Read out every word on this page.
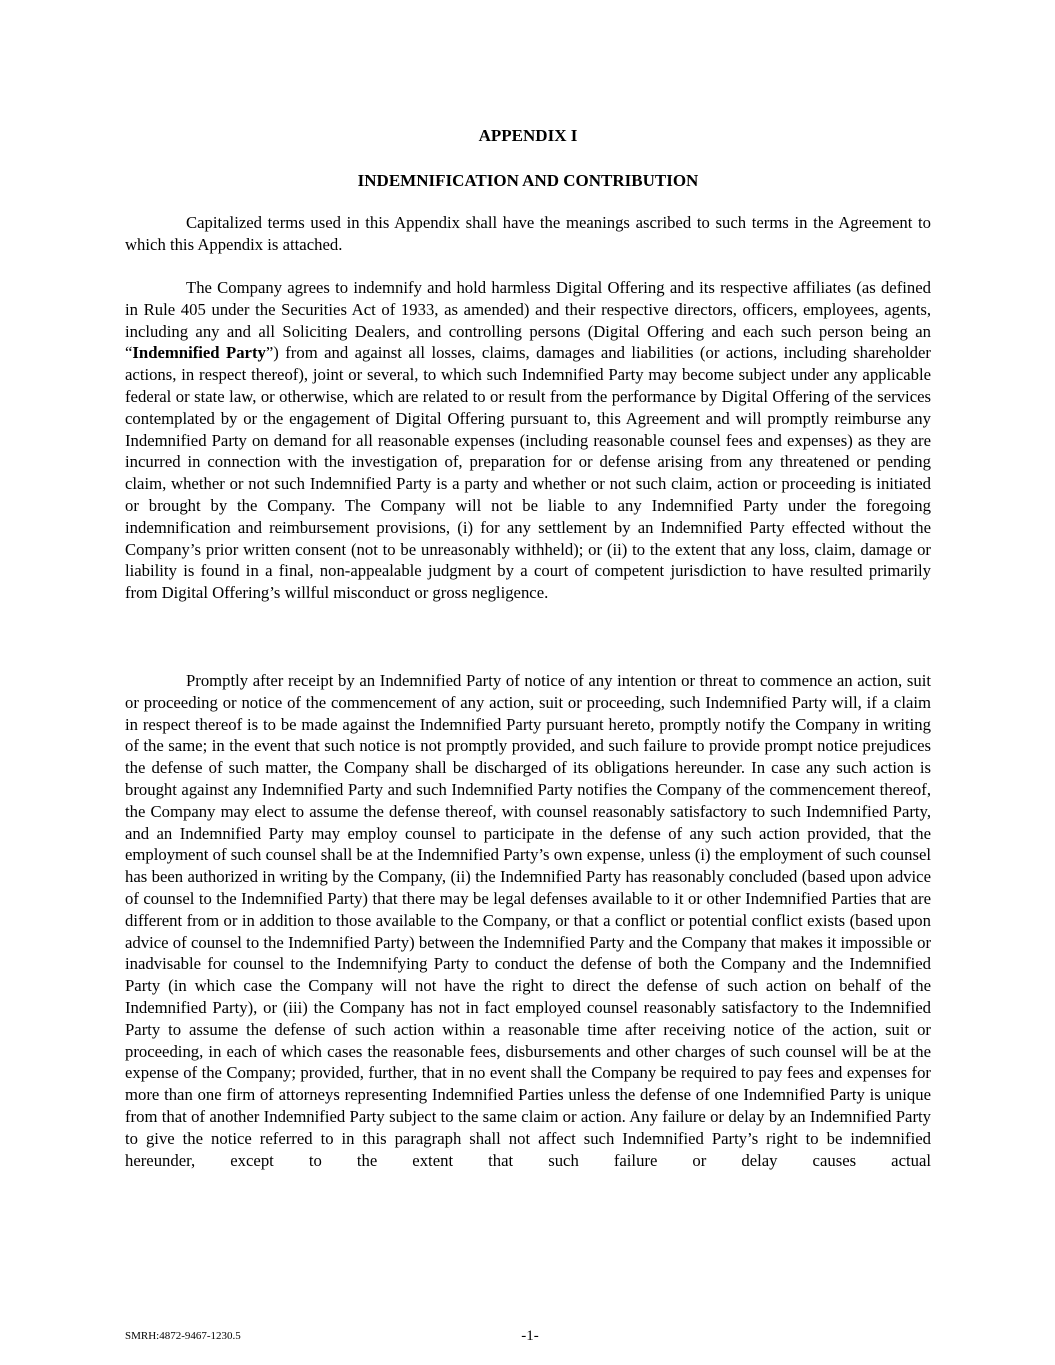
APPENDIX I
INDEMNIFICATION AND CONTRIBUTION

Capitalized terms used in this Appendix shall have the meanings ascribed to such terms in the Agreement to which this Appendix is attached.

The Company agrees to indemnify and hold harmless Digital Offering and its respective affiliates (as defined in Rule 405 under the Securities Act of 1933, as amended) and their respective directors, officers, employees, agents, including any and all Soliciting Dealers, and controlling persons (Digital Offering and each such person being an “Indemnified Party”) from and against all losses, claims, damages and liabilities (or actions, including shareholder actions, in respect thereof), joint or several, to which such Indemnified Party may become subject under any applicable federal or state law, or otherwise, which are related to or result from the performance by Digital Offering of the services contemplated by or the engagement of Digital Offering pursuant to, this Agreement and will promptly reimburse any Indemnified Party on demand for all reasonable expenses (including reasonable counsel fees and expenses) as they are incurred in connection with the investigation of, preparation for or defense arising from any threatened or pending claim, whether or not such Indemnified Party is a party and whether or not such claim, action or proceeding is initiated or brought by the Company. The Company will not be liable to any Indemnified Party under the foregoing indemnification and reimbursement provisions, (i) for any settlement by an Indemnified Party effected without the Company’s prior written consent (not to be unreasonably withheld); or (ii) to the extent that any loss, claim, damage or liability is found in a final, non-appealable judgment by a court of competent jurisdiction to have resulted primarily from Digital Offering’s willful misconduct or gross negligence.

Promptly after receipt by an Indemnified Party of notice of any intention or threat to commence an action, suit or proceeding or notice of the commencement of any action, suit or proceeding, such Indemnified Party will, if a claim in respect thereof is to be made against the Indemnified Party pursuant hereto, promptly notify the Company in writing of the same; in the event that such notice is not promptly provided, and such failure to provide prompt notice prejudices the defense of such matter, the Company shall be discharged of its obligations hereunder. In case any such action is brought against any Indemnified Party and such Indemnified Party notifies the Company of the commencement thereof, the Company may elect to assume the defense thereof, with counsel reasonably satisfactory to such Indemnified Party, and an Indemnified Party may employ counsel to participate in the defense of any such action provided, that the employment of such counsel shall be at the Indemnified Party’s own expense, unless (i) the employment of such counsel has been authorized in writing by the Company, (ii) the Indemnified Party has reasonably concluded (based upon advice of counsel to the Indemnified Party) that there may be legal defenses available to it or other Indemnified Parties that are different from or in addition to those available to the Company, or that a conflict or potential conflict exists (based upon advice of counsel to the Indemnified Party) between the Indemnified Party and the Company that makes it impossible or inadvisable for counsel to the Indemnifying Party to conduct the defense of both the Company and the Indemnified Party (in which case the Company will not have the right to direct the defense of such action on behalf of the Indemnified Party), or (iii) the Company has not in fact employed counsel reasonably satisfactory to the Indemnified Party to assume the defense of such action within a reasonable time after receiving notice of the action, suit or proceeding, in each of which cases the reasonable fees, disbursements and other charges of such counsel will be at the expense of the Company; provided, further, that in no event shall the Company be required to pay fees and expenses for more than one firm of attorneys representing Indemnified Parties unless the defense of one Indemnified Party is unique from that of another Indemnified Party subject to the same claim or action. Any failure or delay by an Indemnified Party to give the notice referred to in this paragraph shall not affect such Indemnified Party’s right to be indemnified hereunder, except to the extent that such failure or delay causes actual

SMRH:4872-9467-1230.5	-1-
